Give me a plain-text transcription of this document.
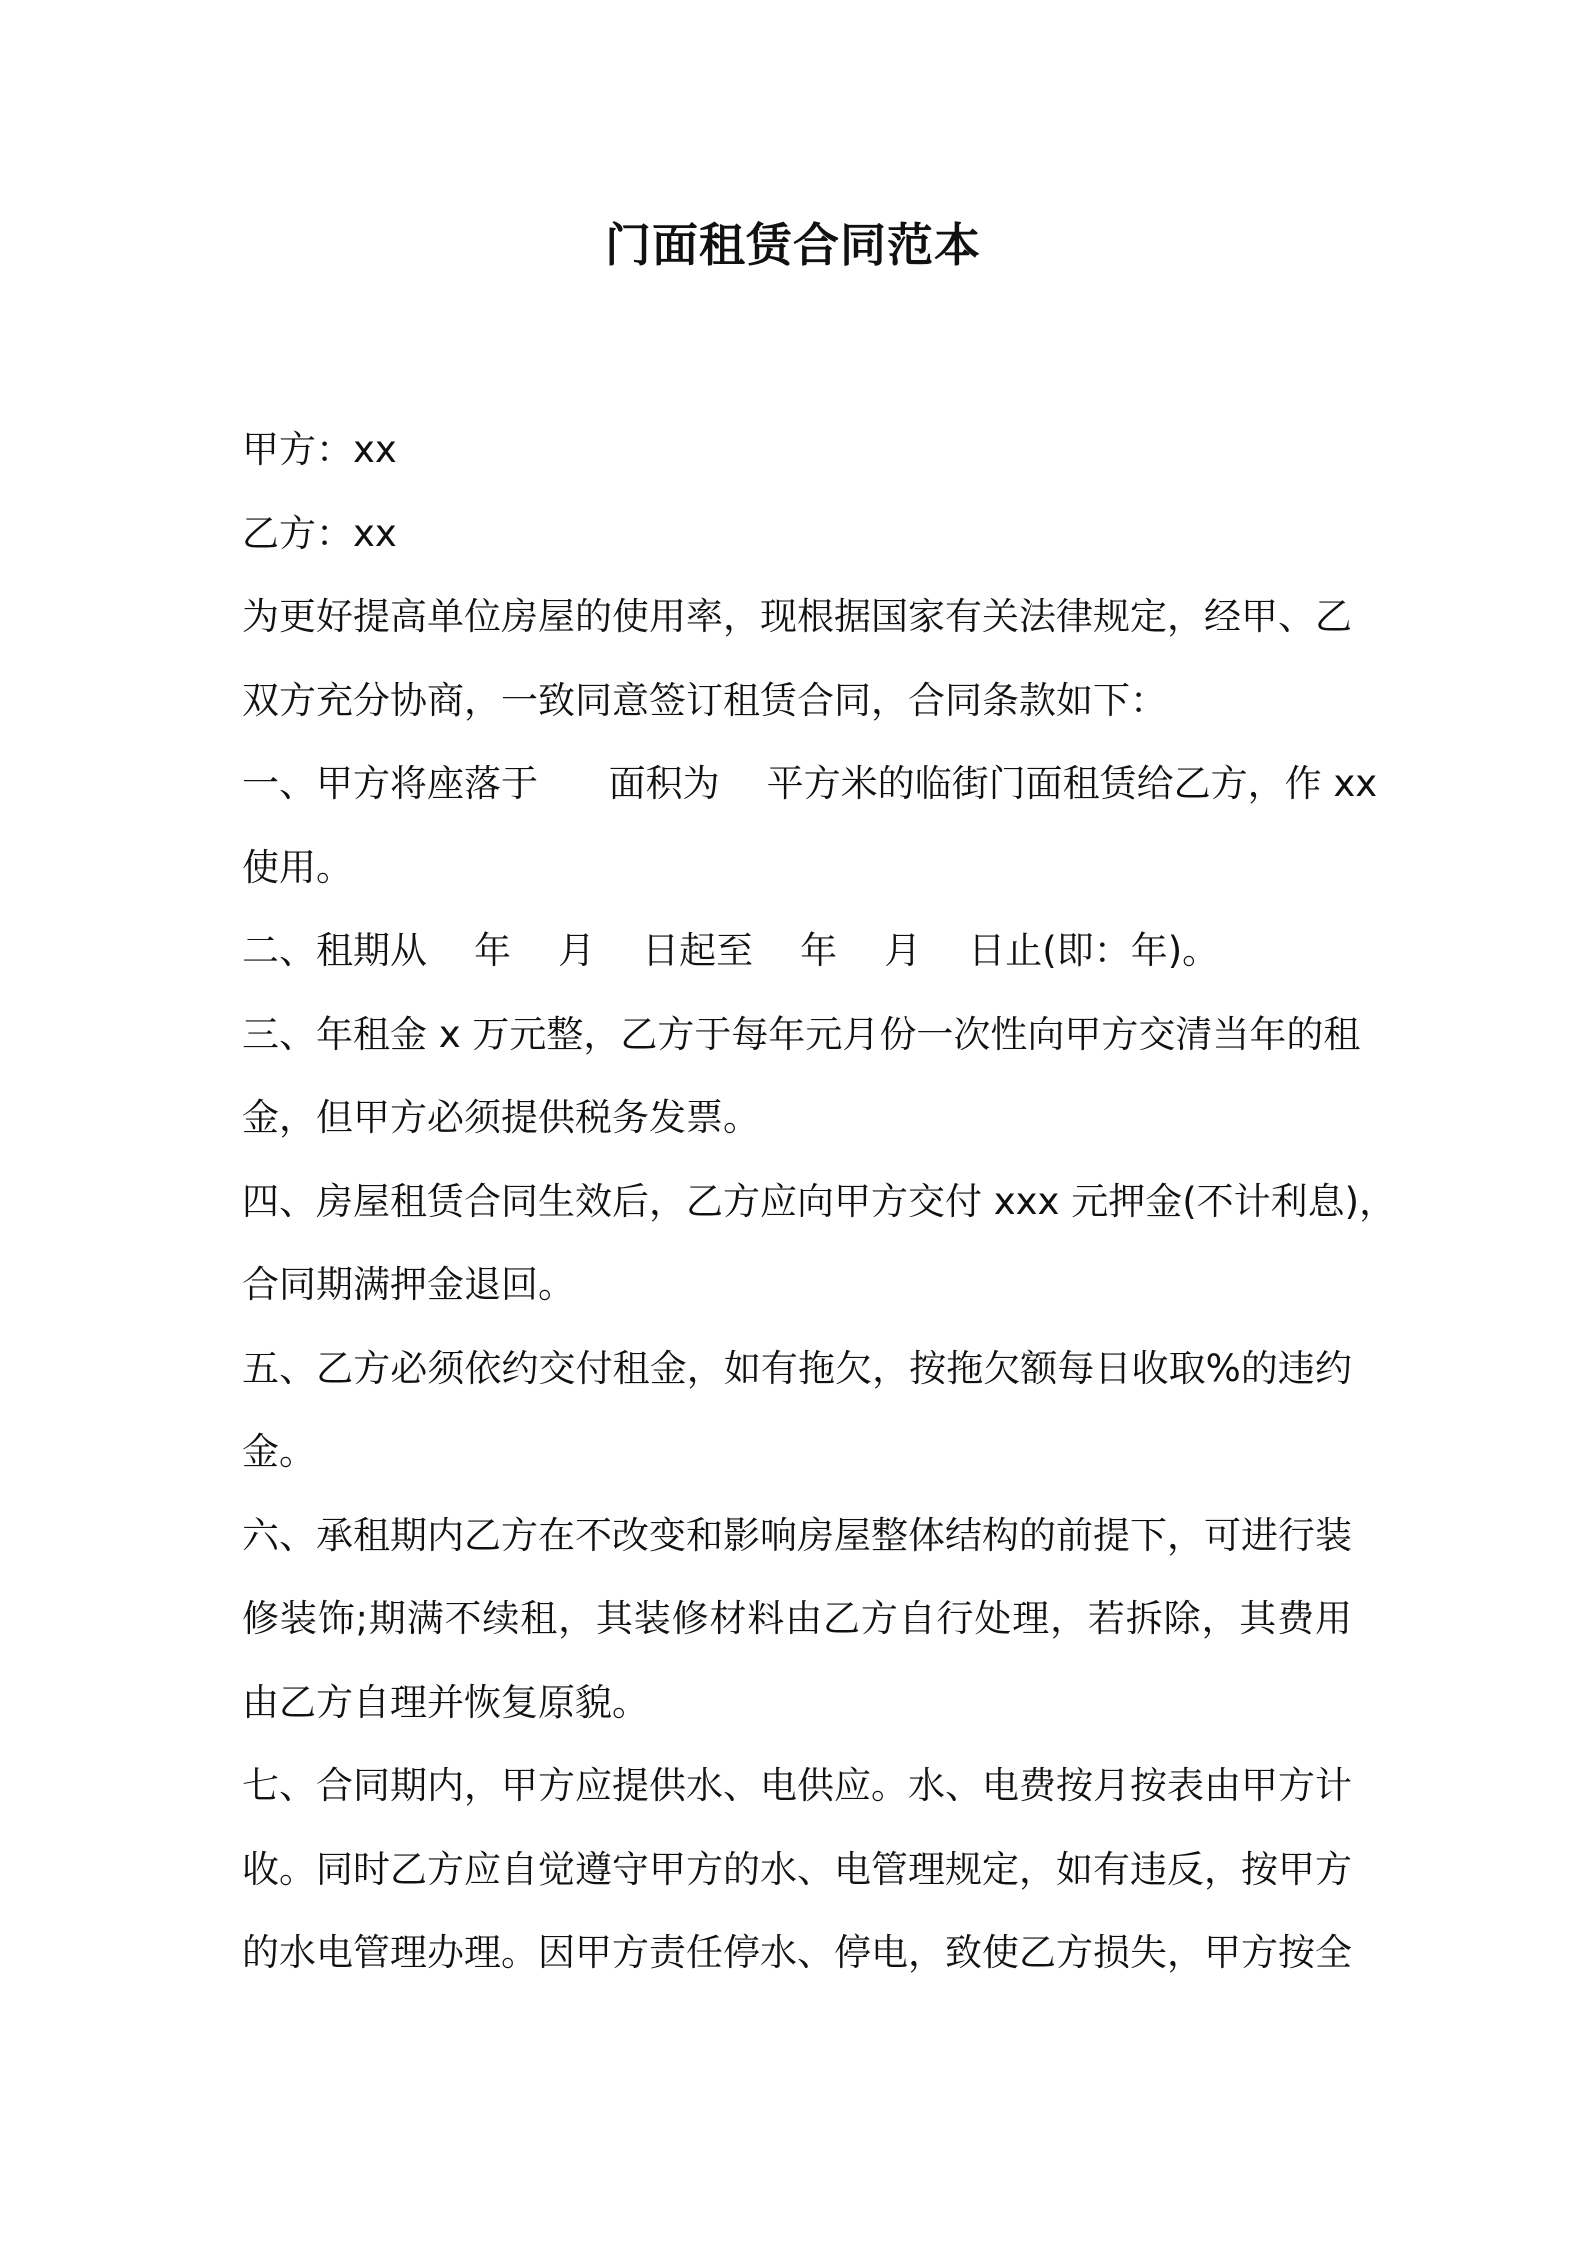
门面租赁合同范本
甲方：xx
乙方：xx
为更好提高单位房屋的使用率，现根据国家有关法律规定，经甲、乙
双方充分协商，一致同意签订租赁合同，合同条款如下：
一、甲方将座落于      面积为    平方米的临街门面租赁给乙方，作 xx
使用。
二、租期从    年    月    日起至    年    月    日止(即：年)。
三、年租金 x 万元整，乙方于每年元月份一次性向甲方交清当年的租
金，但甲方必须提供税务发票。
四、房屋租赁合同生效后，乙方应向甲方交付 xxx 元押金(不计利息)，
合同期满押金退回。
五、乙方必须依约交付租金，如有拖欠，按拖欠额每日收取%的违约
金。
六、承租期内乙方在不改变和影响房屋整体结构的前提下，可进行装
修装饰;期满不续租，其装修材料由乙方自行处理，若拆除，其费用
由乙方自理并恢复原貌。
七、合同期内，甲方应提供水、电供应。水、电费按月按表由甲方计
收。同时乙方应自觉遵守甲方的水、电管理规定，如有违反，按甲方
的水电管理办理。因甲方责任停水、停电，致使乙方损失，甲方按全
